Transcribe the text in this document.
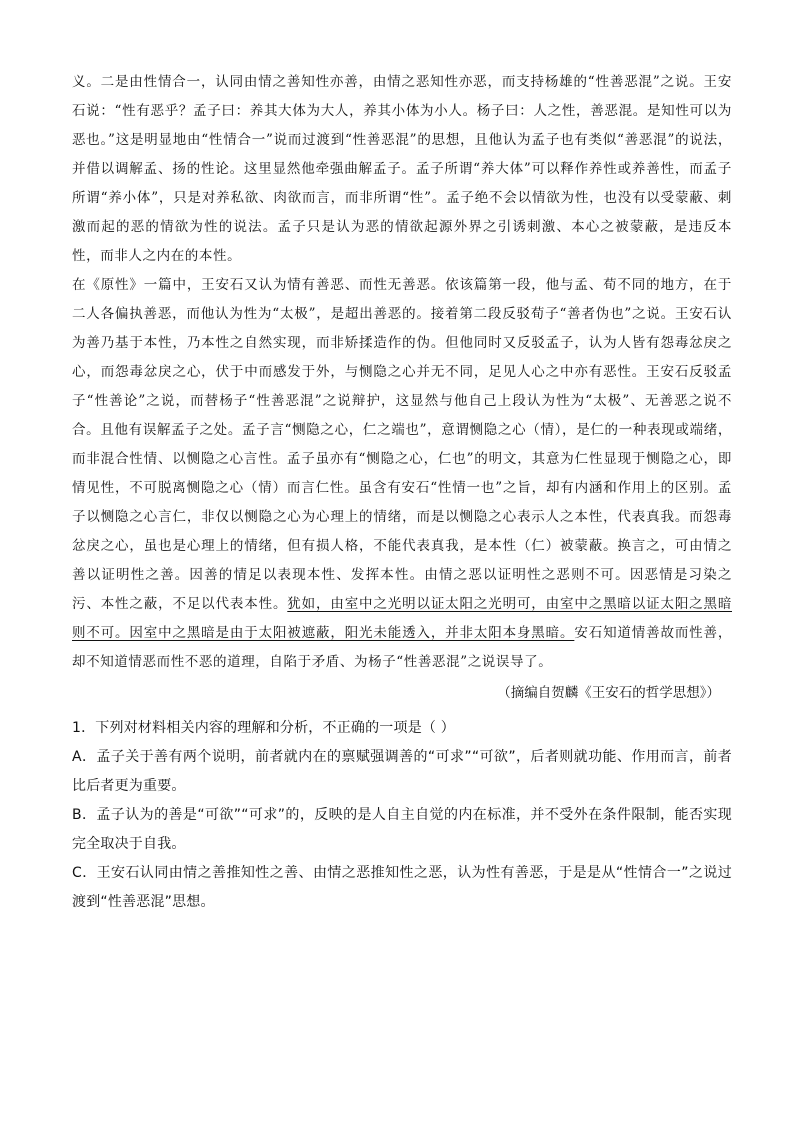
义。二是由性情合一，认同由情之善知性亦善，由情之恶知性亦恶，而支持杨雄的“性善恶混”之说。王安石说：“性有恶乎？孟子曰：养其大体为大人，养其小体为小人。杨子曰：人之性，善恶混。是知性可以为恶也。”这是明显地由“性情合一”说而过渡到“性善恶混”的思想，且他认为孟子也有类似“善恶混”的说法，并借以调解孟、扬的性论。这里显然他牵强曲解孟子。孟子所谓“养大体”可以释作养性或养善性，而孟子所谓“养小体”，只是对养私欲、肉欲而言，而非所谓“性”。孟子绝不会以情欲为性，也没有以受蒙蔽、刺激而起的恶的情欲为性的说法。孟子只是认为恶的情欲起源外界之引诱刺激、本心之被蒙蔽，是违反本性，而非人之内在的本性。

在《原性》一篇中，王安石又认为情有善恶、而性无善恶。依该篇第一段，他与孟、荀不同的地方，在于二人各偏执善恶，而他认为性为“太极”，是超出善恶的。接着第二段反驳荀子“善者伪也”之说。王安石认为善乃基于本性，乃本性之自然实现，而非矫揉造作的伪。但他同时又反驳孟子，认为人皆有怨毒忿戾之心，而怨毒忿戾之心，伏于中而感发于外，与恻隐之心并无不同，足见人心之中亦有恶性。王安石反驳孟子“性善论”之说，而替杨子“性善恶混”之说辩护，这显然与他自己上段认为性为“太极”、无善恶之说不合。且他有误解孟子之处。孟子言“恻隐之心，仁之端也”，意谓恻隐之心（情），是仁的一种表现或端绪，而非混合性情、以恻隐之心言性。孟子虽亦有“恻隐之心，仁也”的明文，其意为仁性显现于恻隐之心，即情见性，不可脱离恻隐之心（情）而言仁性。虽含有安石“性情一也”之旨，却有内涵和作用上的区别。孟子以恻隐之心言仁，非仅以恻隐之心为心理上的情绪，而是以恻隐之心表示人之本性，代表真我。而怨毒忿戾之心，虽也是心理上的情绪，但有损人格，不能代表真我，是本性（仁）被蒙蔽。换言之，可由情之善以证明性之善。因善的情足以表现本性、发挥本性。由情之恶以证明性之恶则不可。因恶情是习染之污、本性之蔽，不足以代表本性。犹如，由室中之光明以证太阳之光明可，由室中之黑暗以证太阳之黑暗则不可。因室中之黑暗是由于太阳被遮蔽，阳光未能透入，并非太阳本身黑暗。安石知道情善故而性善，却不知道情恶而性不恶的道理，自陷于矛盾、为杨子“性善恶混”之说误导了。

（摘编自贺麟《王安石的哲学思想》）

1．下列对材料相关内容的理解和分析，不正确的一项是（ ）

A．孟子关于善有两个说明，前者就内在的禀赋强调善的“可求”“可欲”，后者则就功能、作用而言，前者比后者更为重要。

B．孟子认为的善是“可欲”“可求”的，反映的是人自主自觉的内在标准，并不受外在条件限制，能否实现完全取决于自我。

C．王安石认同由情之善推知性之善、由情之恶推知性之恶，认为性有善恶，于是是从“性情合一”之说过渡到“性善恶混”思想。
